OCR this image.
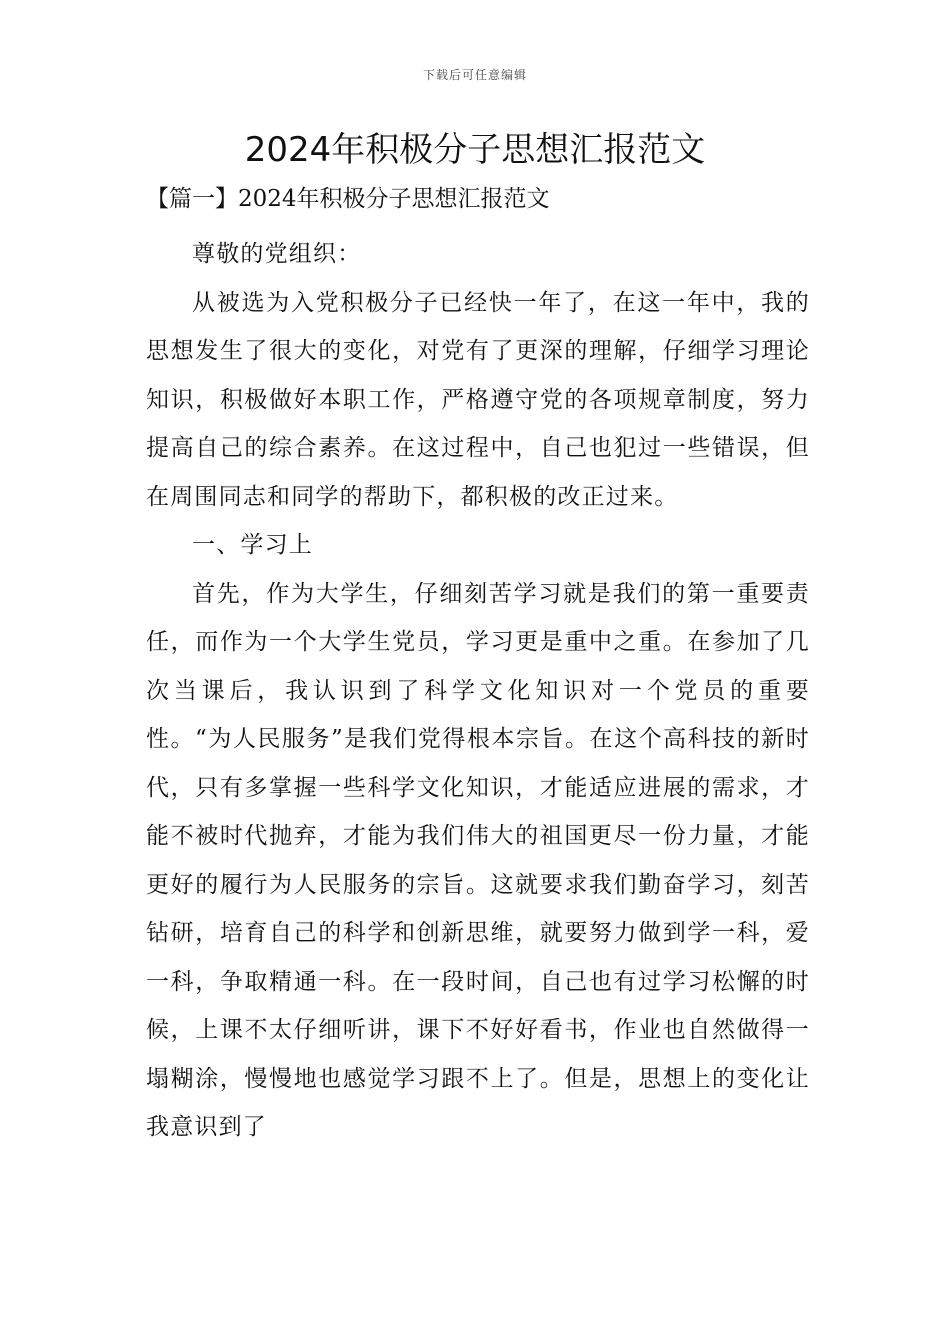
下载后可任意编辑
2024年积极分子思想汇报范文
【篇一】2024年积极分子思想汇报范文

尊敬的党组织：

从被选为入党积极分子已经快一年了，在这一年中，我的思想发生了很大的变化，对党有了更深的理解，仔细学习理论知识，积极做好本职工作，严格遵守党的各项规章制度，努力提高自己的综合素养。在这过程中，自己也犯过一些错误，但在周围同志和同学的帮助下，都积极的改正过来。

一、学习上

首先，作为大学生，仔细刻苦学习就是我们的第一重要责任，而作为一个大学生党员，学习更是重中之重。在参加了几次当课后，我认识到了科学文化知识对一个党员的重要性。“为人民服务”是我们党得根本宗旨。在这个高科技的新时代，只有多掌握一些科学文化知识，才能适应进展的需求，才能不被时代抛弃，才能为我们伟大的祖国更尽一份力量，才能更好的履行为人民服务的宗旨。这就要求我们勤奋学习，刻苦钻研，培育自己的科学和创新思维，就要努力做到学一科，爱一科，争取精通一科。在一段时间，自己也有过学习松懈的时候，上课不太仔细听讲，课下不好好看书，作业也自然做得一塌糊涂，慢慢地也感觉学习跟不上了。但是，思想上的变化让我意识到了
